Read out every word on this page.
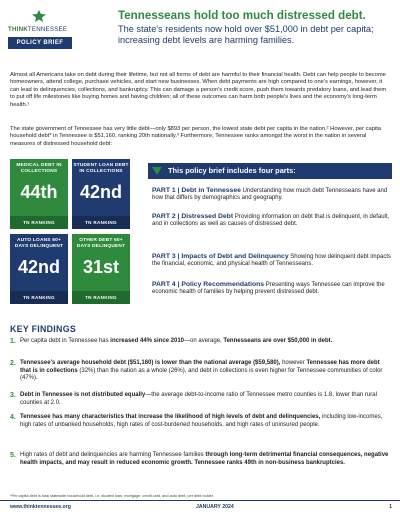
THINKTENNESSEE
POLICY BRIEF
Tennesseans hold too much distressed debt.
The state's residents now hold over $51,000 in debt per capita; increasing debt levels are harming families.

Almost all Americans take on debt during their lifetime, but not all forms of debt are harmful to their financial health. Debt can help people to become homeowners, attend college, purchase vehicles, and start new businesses. When debt payments are high compared to one's earnings, however, it can lead to delinquencies, collections, and bankruptcy. This can damage a person's credit score, push them towards predatory loans, and lead them to put off life milestones like buying homes and having children; all of these outcomes can harm both people's lives and the economy's long-term health.¹

The state government of Tennessee has very little debt—only $893 per person, the lowest state debt per capita in the nation.² However, per capita household debt* in Tennessee is $51,160, ranking 20th nationally.³ Furthermore, Tennessee ranks amongst the worst in the nation in several measures of distressed household debt:

MEDICAL DEBT IN COLLECTIONS
44th
TN RANKING
STUDENT LOAN DEBT IN COLLECTIONS
42nd
TN RANKING
AUTO LOANS 60+ DAYS DELINQUENT
42nd
TN RANKING
OTHER DEBT 60+ DAYS DELINQUENT
31st
TN RANKING
This policy brief includes four parts:
PART 1 | Debt in Tennessee Understanding how much debt Tennesseans have and how that differs by demographics and geography.
PART 2 | Distressed Debt Providing information on debt that is delinquent, in default, and in collections as well as causes of distressed debt.
PART 3 | Impacts of Debt and Delinquency Showing how delinquent debt impacts the financial, economic, and physical health of Tennesseans.
PART 4 | Policy Recommendations Presenting ways Tennessee can improve the economic health of families by helping prevent distressed debt.
KEY FINDINGS
1. Per capita debt in Tennessee has increased 44% since 2010—on average, Tennesseans are over $50,000 in debt.
2. Tennessee's average household debt ($51,160) is lower than the national average ($59,580), however Tennessee has more debt that is in collections (32%) than the nation as a whole (26%), and debt in collections is even higher for Tennessee communities of color (47%).
3. Debt in Tennessee is not distributed equally—the average debt-to-income ratio of Tennessee metro counties is 1.8, lower than rural counties at 2.0.
4. Tennessee has many characteristics that increase the likelihood of high levels of debt and delinquencies, including low-incomes, high rates of unbanked households, high rates of cost-burdened households, and high rates of uninsured people.
5. High rates of debt and delinquencies are harming Tennessee families through long-term detrimental financial consequences, negative health impacts, and may result in reduced economic growth. Tennessee ranks 49th in non-business bankruptcies.
*Per capita debt is total statewide household debt, i.e. student loan, mortgage, credit card, and auto debt, per debt holder.
www.thinktennessee.org	JANUARY 2024	1
